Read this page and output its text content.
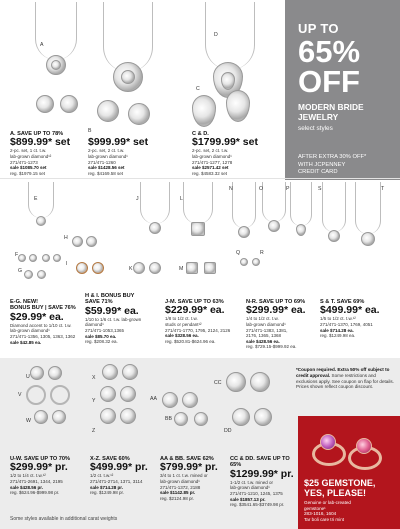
A
B
C
D	UP TO
65%
OFF
MODERN BRIDE
JEWELRY
select styles
AFTER EXTRA 30% OFF*
WITH JCPENNEY
CREDIT CARD
A. SAVE UP TO 78%
$899.99* set
2-pc. set, 1 ct. t.w.
lab-grown diamond¹²
271/471-1273
sale $1085.70 set
reg. $1979.15 set
$999.99* set
2-pc. set, 2 ct. t.w.
lab-grown diamond¹
271/471-1260
sale $1428.56 set
reg. $4169.58 set
C & D.
$1799.99* set
2-pc. set, 2 ct. t.w.
lab-grown diamond¹
271/471-1277, 1278
sale $2571.42 set
reg. $4583.32 set
E
F
G
H
I
J
K
L
M
N	O	P
Q	R
S	T
E-G. NEW!
BONUS BUY | SAVE 76%
$29.99* ea.
Diamond accent to 1/10 ct. t.w.
lab-grown diamond¹
271/471-1356, 1305, 1363, 1362
sale $42.85 ea.
H & I. BONUS BUY
SAVE 71%
$59.99* ea.
1/10 to 1/6 ct. t.w. lab-grown
diamond¹
271/471-1053,1365
sale $85.70 ea.
reg. $208.32 ea.
J-M. SAVE UP TO 63%
$229.99* ea.
1/8 to 1/2 ct. t.w.
studs or pendant¹²
271/471-1770, 1795, 2124, 2126
sale $328.56 ea.
reg. $520.81-$624.96 ea.
N-R. SAVE UP TO 69%
$299.99* ea.
1/4 to 1/2 ct. t.w.
lab-grown diamond¹
271/471-1383, 1381,
2176, 1365, 1368
sale $428.56 ea.
reg. $729.15-$999.92 ea.
S & T. SAVE 69%
$499.99* ea.
1/5 to 1/2 ct. t.w.¹²
271/471-1370, 1769, 4051
sale $714.28 ea.
reg. $1249.98 ea.
U
V
W
X
Y
Z
AA
BB
CC
DD
*Coupon required. Extra 50% off subject to credit approval. Some restrictions and exclusions apply. See coupon on flap for details. Prices shown reflect coupon discount.
$25 GEMSTONE,
YES, PLEASE!
Genuine or lab-created
gemstone¹
283-1016, 1604
Tar boli care tri mint
U-W. SAVE UP TO 70%
$299.99* pr.
1/2 to 1/4 ct. t.w.¹²
271/471-2691, 1344, 2195
sale $428.56 pr.
reg. $624.96-$999.98 pr.
X-Z. SAVE 60%
$499.99* pr.
1/2 ct. t.w.¹²
271/471-2714, 1371, 3114
sale $714.28 pr.
reg. $1249.98 pr.
AA & BB. SAVE 62%
$799.99* pr.
3/4 to 1 ct. t.w. mined or
lab-grown diamond¹
271/471-1372, 2188
sale $1142.85 pr.
reg. $2124.98 pr.
CC & DD. SAVE UP TO 65%
$1299.99* pr.
1-1/2 ct. t.w. mined or
lab-grown diamond¹
271/471-1210, 1245, 1375
sale $1857.13 pr.
reg. $3541.65-$3749.98 pr.
Some styles available in additional carat weights
